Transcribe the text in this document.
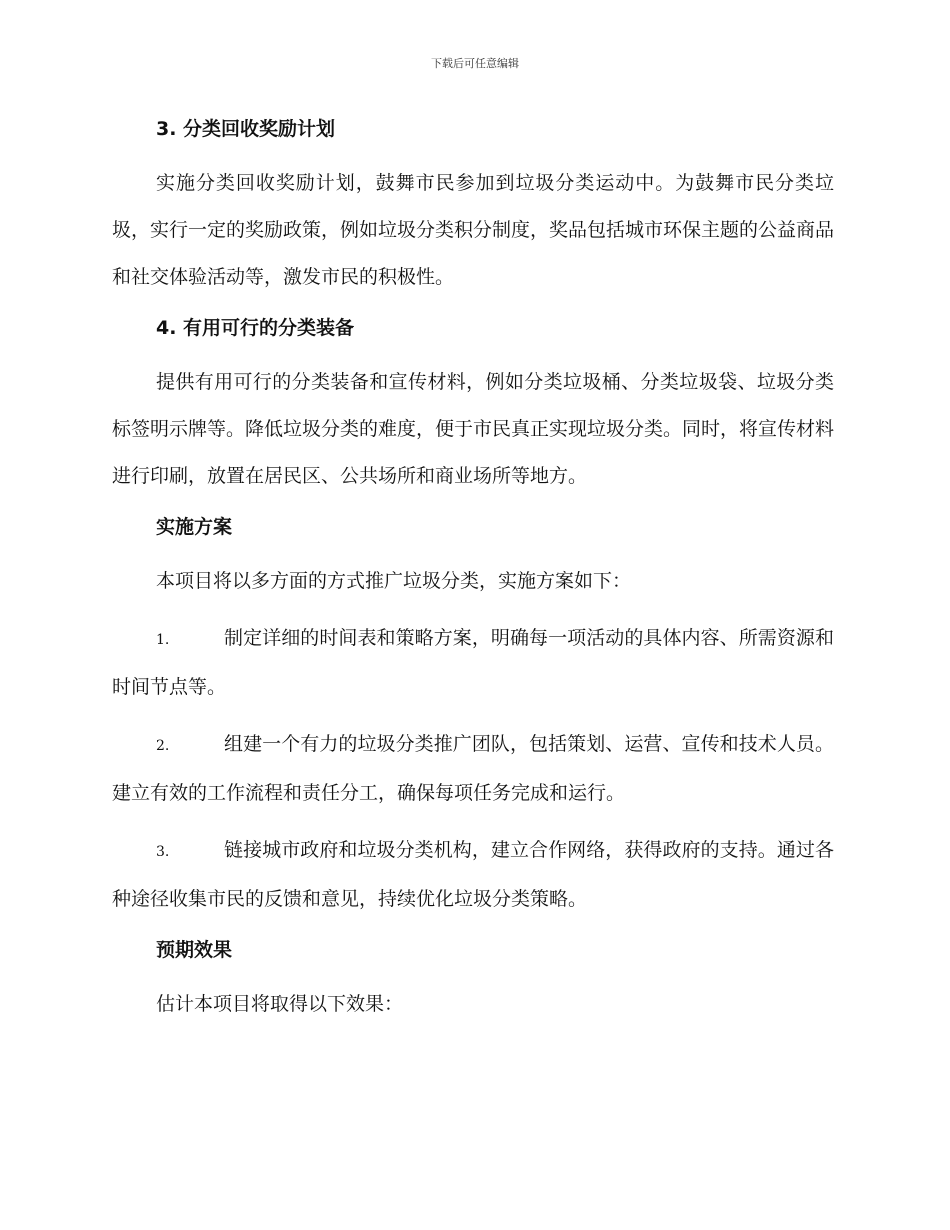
下载后可任意编辑
3. 分类回收奖励计划

实施分类回收奖励计划，鼓舞市民参加到垃圾分类运动中。为鼓舞市民分类垃圾，实行一定的奖励政策，例如垃圾分类积分制度，奖品包括城市环保主题的公益商品和社交体验活动等，激发市民的积极性。

4. 有用可行的分类装备

提供有用可行的分类装备和宣传材料，例如分类垃圾桶、分类垃圾袋、垃圾分类标签明示牌等。降低垃圾分类的难度，便于市民真正实现垃圾分类。同时，将宣传材料进行印刷，放置在居民区、公共场所和商业场所等地方。

实施方案

本项目将以多方面的方式推广垃圾分类，实施方案如下：

1.	制定详细的时间表和策略方案，明确每一项活动的具体内容、所需资源和时间节点等。

2.	组建一个有力的垃圾分类推广团队，包括策划、运营、宣传和技术人员。建立有效的工作流程和责任分工，确保每项任务完成和运行。

3.	链接城市政府和垃圾分类机构，建立合作网络，获得政府的支持。通过各种途径收集市民的反馈和意见，持续优化垃圾分类策略。

预期效果

估计本项目将取得以下效果：
